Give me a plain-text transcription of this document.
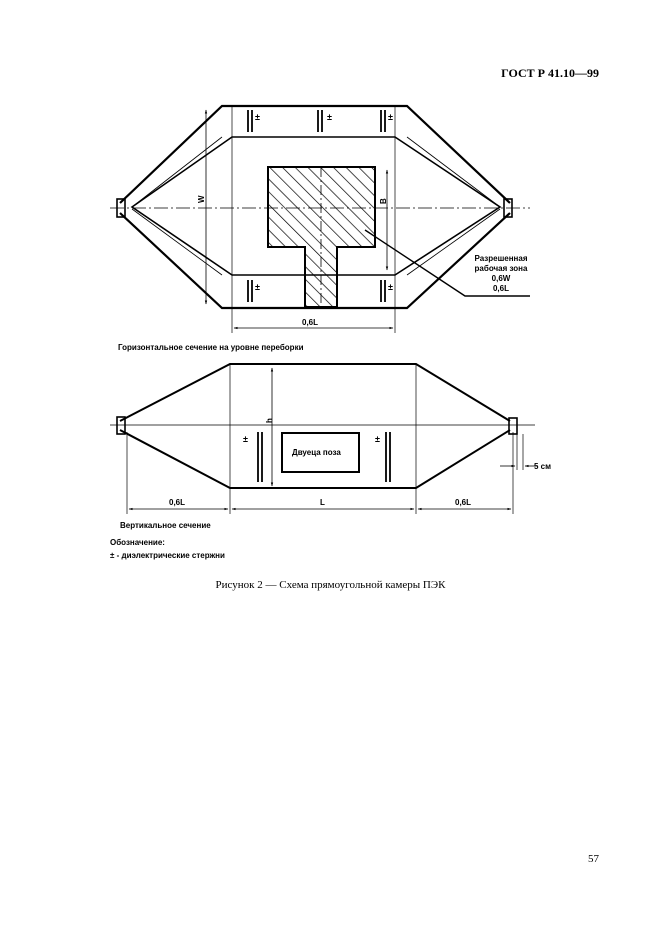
ГОСТ Р 41.10—99
±	±	±
±	±
W	B
0,6L
±	±
h
0,6L	L	0,6L
5 см
Разрешенная
рабочая зона
0,6W
0,6L
Горизонтальное сечение на уровне переборки
Двуеца поза
Вертикальное сечение
Обозначение:
± - диэлектрические стержни
Рисунок 2 — Схема прямоугольной камеры ПЭК
57
